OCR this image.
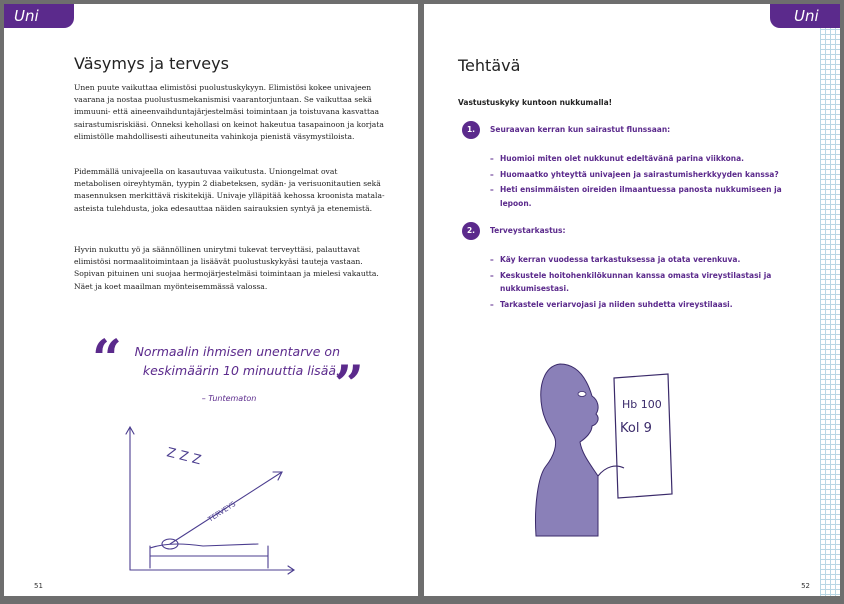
Uni
Väsymys ja terveys

Unen puute vaikuttaa elimistösi puolustuskykyyn. Elimistösi kokee univajeen vaarana ja nostaa puolustusmekanismisi vaarantorjuntaan. Se vaikuttaa sekä immuuni- että aineenvaihduntajärjestelmäsi toimintaan ja toistuvana kasvattaa sairastumisriskiäsi. Onneksi kehollasi on keinot hakeutua tasapainoon ja korjata elimistölle mahdollisesti aiheutuneita vahinkoja pienistä väsymystiloista.

Pidemmällä univajeella on kasautuvaa vaikutusta. Uniongelmat ovat metabolisen oireyhtymän, tyypin 2 diabeteksen, sydän- ja verisuonitautien sekä masennuksen merkittävä riskitekijä. Univaje ylläpitää kehossa kroonista matala-asteista tulehdusta, joka edesauttaa näiden sairauksien syntyä ja etenemistä.

Hyvin nukuttu yö ja säännöllinen unirytmi tukevat terveyttäsi, palauttavat elimistösi normaalitoimintaan ja lisäävät puolustuskykyäsi tauteja vastaan. Sopivan pituinen uni suojaa hermojärjestelmäsi toimintaan ja mielesi vakautta. Näet ja koet maailman myönteisemmässä valossa.

“	Normaalin ihmisen unentarve on keskimäärin 10 minuuttia lisää.

”

– Tuntematon

Z Z Z
TERVEYS

51

Uni
Tehtävä

Vastustuskyky kuntoon nukkumalla!

1.	Seuraavan kerran kun sairastut flunssaan:

– Huomioi miten olet nukkunut edeltävänä parina viikkona.
– Huomaatko yhteyttä univajeen ja sairastumisherkkyyden kanssa?
– Heti ensimmäisten oireiden ilmaantuessa panosta nukkumiseen ja lepoon.
2.	Terveystarkastus:

– Käy kerran vuodessa tarkastuksessa ja otata verenkuva.
– Keskustele hoitohenkilökunnan kanssa omasta vireystilastasi ja nukkumisestasi.
– Tarkastele veriarvojasi ja niiden suhdetta vireystilaasi.
Hb 100
Kol 9

52
